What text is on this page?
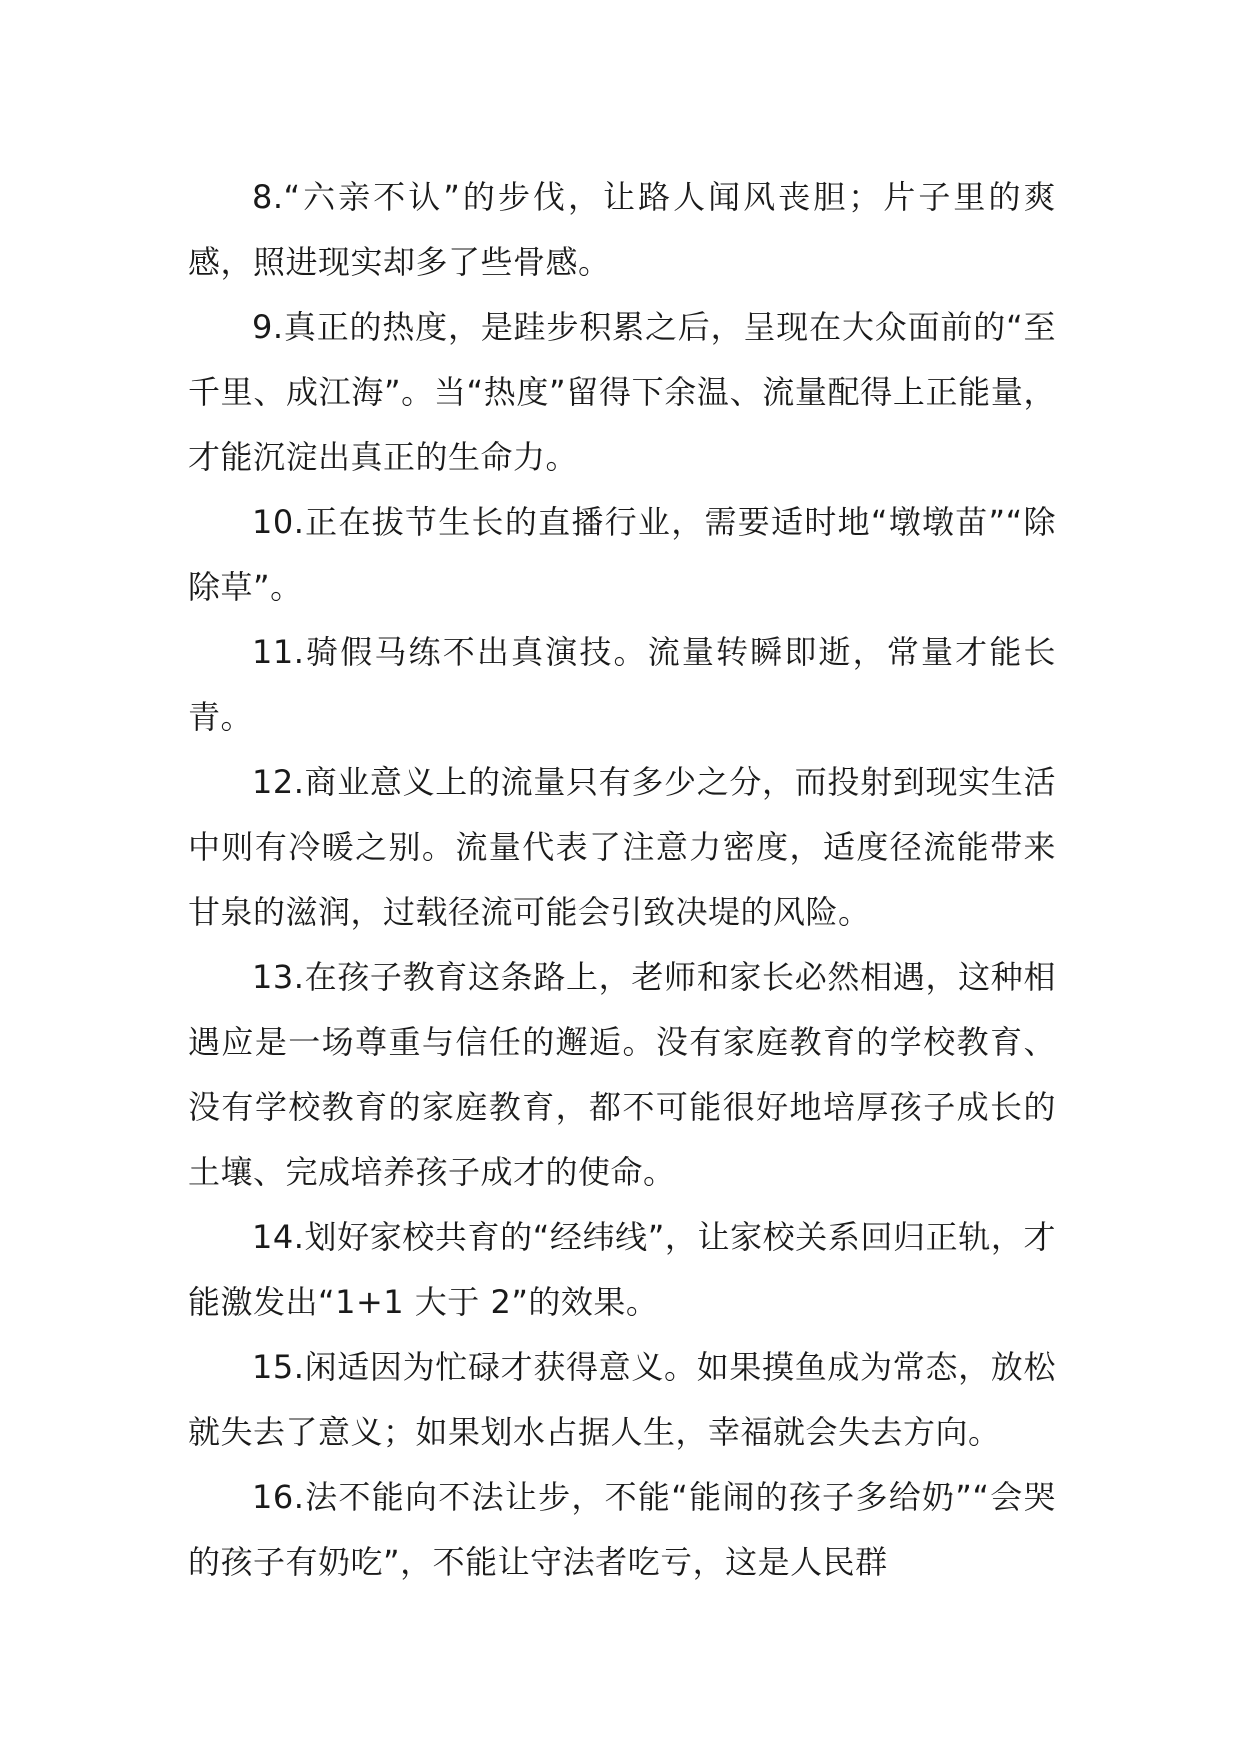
8.“六亲不认”的步伐，让路人闻风丧胆；片子里的爽感，照进现实却多了些骨感。

9.真正的热度，是跬步积累之后，呈现在大众面前的“至千里、成江海”。当“热度”留得下余温、流量配得上正能量，才能沉淀出真正的生命力。

10.正在拔节生长的直播行业，需要适时地“墩墩苗”“除除草”。

11.骑假马练不出真演技。流量转瞬即逝，常量才能长青。

12.商业意义上的流量只有多少之分，而投射到现实生活中则有冷暖之别。流量代表了注意力密度，适度径流能带来甘泉的滋润，过载径流可能会引致决堤的风险。

13.在孩子教育这条路上，老师和家长必然相遇，这种相遇应是一场尊重与信任的邂逅。没有家庭教育的学校教育、没有学校教育的家庭教育，都不可能很好地培厚孩子成长的土壤、完成培养孩子成才的使命。

14.划好家校共育的“经纬线”，让家校关系回归正轨，才能激发出“1+1 大于 2”的效果。

15.闲适因为忙碌才获得意义。如果摸鱼成为常态，放松就失去了意义；如果划水占据人生，幸福就会失去方向。

16.法不能向不法让步，不能“能闹的孩子多给奶”“会哭的孩子有奶吃”，不能让守法者吃亏，这是人民群
